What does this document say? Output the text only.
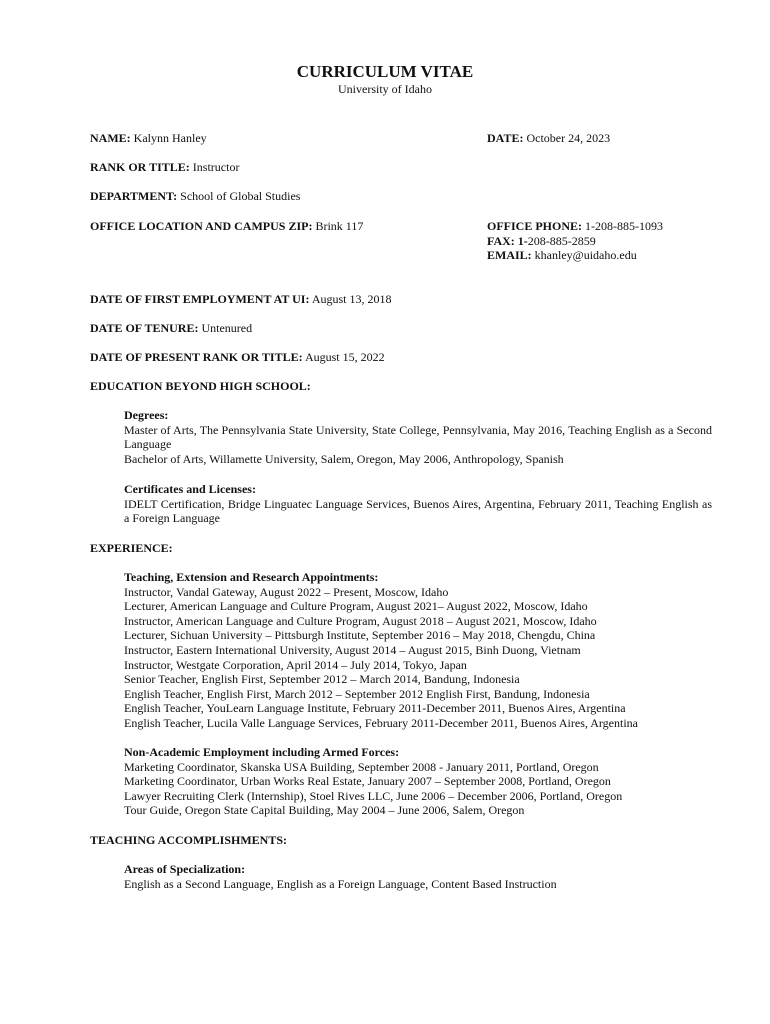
CURRICULUM VITAE
University of Idaho
NAME: Kalynn Hanley	DATE: October 24, 2023
RANK OR TITLE: Instructor
DEPARTMENT: School of Global Studies
OFFICE LOCATION AND CAMPUS ZIP: Brink 117	OFFICE PHONE: 1-208-885-1093
FAX: 1-208-885-2859
EMAIL: khanley@uidaho.edu
DATE OF FIRST EMPLOYMENT AT UI: August 13, 2018
DATE OF TENURE: Untenured
DATE OF PRESENT RANK OR TITLE: August 15, 2022
EDUCATION BEYOND HIGH SCHOOL:
Degrees:
Master of Arts, The Pennsylvania State University, State College, Pennsylvania, May 2016, Teaching English as a Second Language
Bachelor of Arts, Willamette University, Salem, Oregon, May 2006, Anthropology, Spanish
Certificates and Licenses:
IDELT Certification, Bridge Linguatec Language Services, Buenos Aires, Argentina, February 2011, Teaching English as a Foreign Language
EXPERIENCE:
Teaching, Extension and Research Appointments:
Instructor, Vandal Gateway, August 2022 – Present, Moscow, Idaho
Lecturer, American Language and Culture Program, August 2021– August 2022, Moscow, Idaho
Instructor, American Language and Culture Program, August 2018 – August 2021, Moscow, Idaho
Lecturer, Sichuan University – Pittsburgh Institute, September 2016 – May 2018, Chengdu, China
Instructor, Eastern International University, August 2014 – August 2015, Binh Duong, Vietnam
Instructor, Westgate Corporation, April 2014 – July 2014, Tokyo, Japan
Senior Teacher, English First, September 2012 – March 2014, Bandung, Indonesia
English Teacher, English First, March 2012 – September 2012 English First, Bandung, Indonesia
English Teacher, YouLearn Language Institute, February 2011-December 2011, Buenos Aires, Argentina
English Teacher, Lucila Valle Language Services, February 2011-December 2011, Buenos Aires, Argentina
Non-Academic Employment including Armed Forces:
Marketing Coordinator, Skanska USA Building, September 2008 - January 2011, Portland, Oregon
Marketing Coordinator, Urban Works Real Estate, January 2007 – September 2008, Portland, Oregon
Lawyer Recruiting Clerk (Internship), Stoel Rives LLC, June 2006 – December 2006, Portland, Oregon
Tour Guide, Oregon State Capital Building, May 2004 – June 2006, Salem, Oregon
TEACHING ACCOMPLISHMENTS:
Areas of Specialization:
English as a Second Language, English as a Foreign Language, Content Based Instruction
